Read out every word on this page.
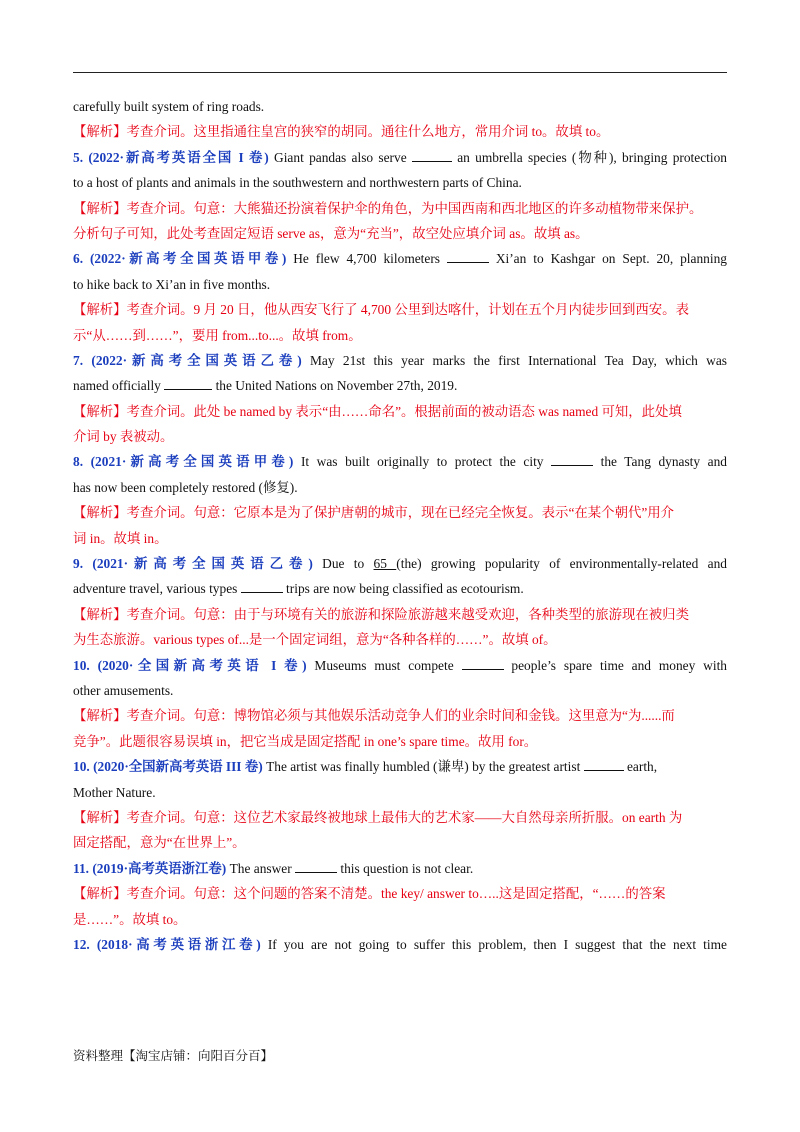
carefully built system of ring roads.
【解析】考查介词。这里指通往皇宫的狭窄的胡同。通往什么地方，常用介词 to。故填 to。
5. (2022·新高考英语全国 I 卷) Giant pandas also serve	an umbrella species (物种), bringing protection
to a host of plants and animals in the southwestern and northwestern parts of China.
【解析】考查介词。句意：大熊猫还扮演着保护伞的角色，为中国西南和西北地区的许多动植物带来保护。
分析句子可知，此处考查固定短语 serve as，意为“充当”，故空处应填介词 as。故填 as。
6. (2022·新高考全国英语甲卷) He flew 4,700 kilometers	Xi’an to Kashgar on Sept. 20, planning
to hike back to Xi’an in five months.
【解析】考查介词。9 月 20 日，他从西安飞行了 4,700 公里到达喀什，计划在五个月内徒步回到西安。表
示“从……到……”，要用 from...to...。故填 from。
7. (2022·新高考全国英语乙卷) May 21st this year marks the first International Tea Day, which was
named officially	the United Nations on November 27th, 2019.
【解析】考查介词。此处 be named by 表示“由……命名”。根据前面的被动语态 was named 可知，此处填
介词 by 表被动。
8. (2021·新高考全国英语甲卷) It was built originally to protect the city	the Tang dynasty and
has now been completely restored (修复).
【解析】考查介词。句意：它原本是为了保护唐朝的城市，现在已经完全恢复。表示“在某个朝代”用介
词 in。故填 in。
9. (2021·新高考全国英语乙卷) Due to 65 (the) growing popularity of environmentally-related and
adventure travel, various types	trips are now being classified as ecotourism.
【解析】考查介词。句意：由于与环境有关的旅游和探险旅游越来越受欢迎，各种类型的旅游现在被归类
为生态旅游。various types of...是一个固定词组，意为“各种各样的……”。故填 of。
10. (2020·全国新高考英语 I 卷) Museums must compete	people’s spare time and money with
other amusements.
【解析】考查介词。句意：博物馆必须与其他娱乐活动竞争人们的业余时间和金钱。这里意为“为......而
竞争”。此题很容易误填 in，把它当成是固定搭配 in one’s spare time。故用 for。
10. (2020·全国新高考英语 III 卷) The artist was finally humbled (谦卑) by the greatest artist	earth,
Mother Nature.
【解析】考查介词。句意：这位艺术家最终被地球上最伟大的艺术家——大自然母亲所折服。on earth 为
固定搭配，意为“在世界上”。
11. (2019·高考英语浙江卷) The answer	this question is not clear.
【解析】考查介词。句意：这个问题的答案不清楚。the key/ answer to…..这是固定搭配，“……的答案
是……”。故填 to。
12. (2018·高考英语浙江卷) If you are not going to suffer this problem, then I suggest that the next time
资料整理【淘宝店铺：向阳百分百】
